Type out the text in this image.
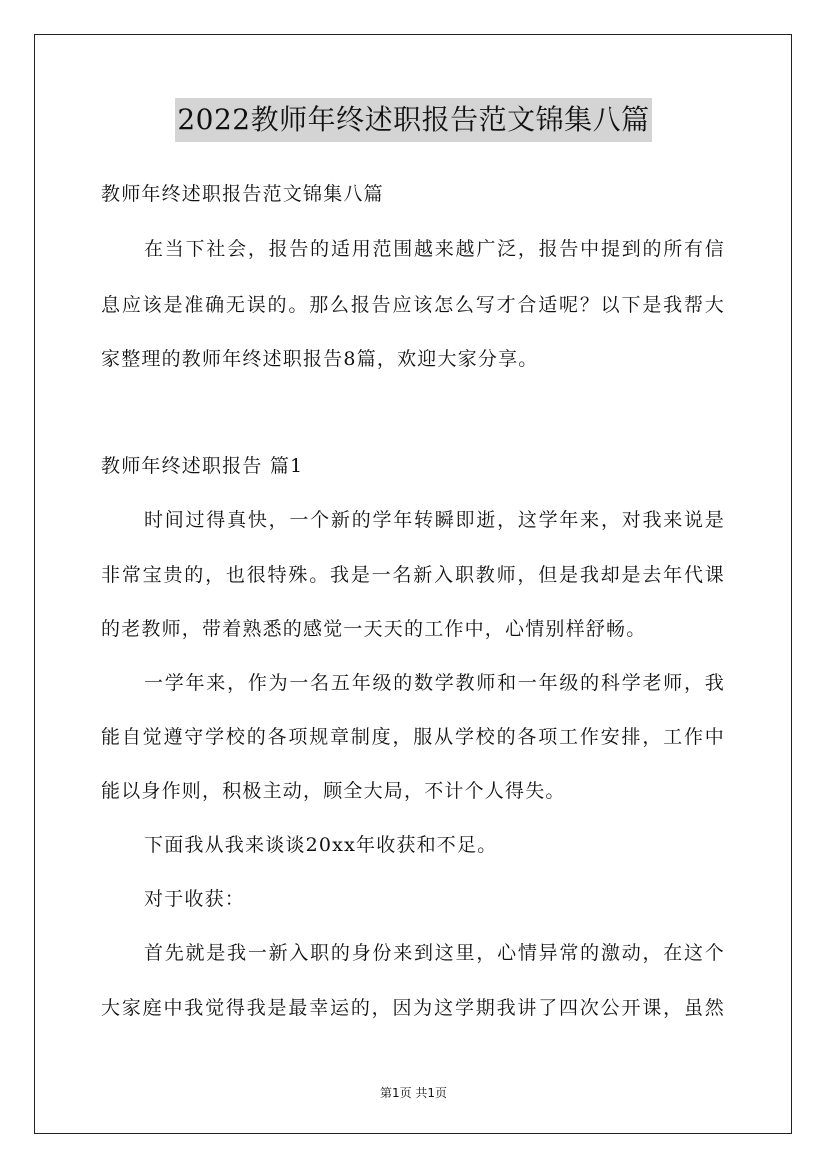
2022教师年终述职报告范文锦集八篇
教师年终述职报告范文锦集八篇
在当下社会，报告的适用范围越来越广泛，报告中提到的所有信
息应该是准确无误的。那么报告应该怎么写才合适呢？以下是我帮大
家整理的教师年终述职报告8篇，欢迎大家分享。
教师年终述职报告 篇1
时间过得真快，一个新的学年转瞬即逝，这学年来，对我来说是
非常宝贵的，也很特殊。我是一名新入职教师，但是我却是去年代课
的老教师，带着熟悉的感觉一天天的工作中，心情别样舒畅。
一学年来，作为一名五年级的数学教师和一年级的科学老师，我
能自觉遵守学校的各项规章制度，服从学校的各项工作安排，工作中
能以身作则，积极主动，顾全大局，不计个人得失。
下面我从我来谈谈20xx年收获和不足。
对于收获：
首先就是我一新入职的身份来到这里，心情异常的激动，在这个
大家庭中我觉得我是最幸运的，因为这学期我讲了四次公开课，虽然
第1页 共1页
